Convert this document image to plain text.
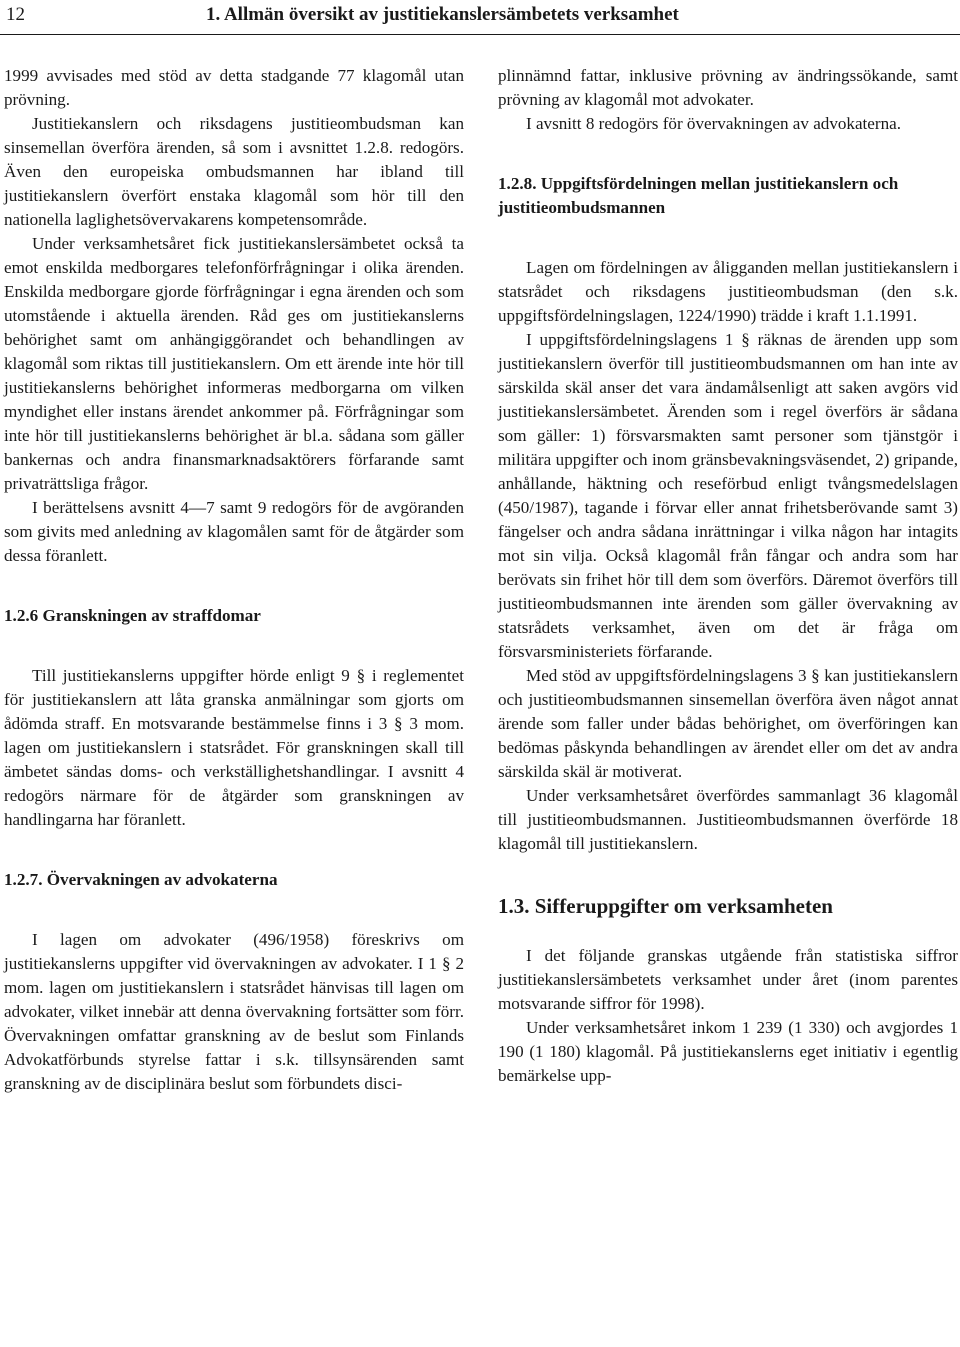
12	1. Allmän översikt av justitiekanslersämbetets verksamhet

1999 avvisades med stöd av detta stadgande 77 klagomål utan prövning.

Justitiekanslern och riksdagens justitieombudsman kan sinsemellan överföra ärenden, så som i avsnittet 1.2.8. redogörs. Även den europeiska ombudsmannen har ibland till justitiekanslern överfört enstaka klagomål som hör till den nationella laglighetsövervakarens kompetensområde.

Under verksamhetsåret fick justitiekanslersämbetet också ta emot enskilda medborgares telefonförfrågningar i olika ärenden. Enskilda medborgare gjorde förfrågningar i egna ärenden och som utomstående i aktuella ärenden. Råd ges om justitiekanslerns behörighet samt om anhängiggörandet och behandlingen av klagomål som riktas till justitiekanslern. Om ett ärende inte hör till justitiekanslerns behörighet informeras medborgarna om vilken myndighet eller instans ärendet ankommer på. Förfrågningar som inte hör till justitiekanslerns behörighet är bl.a. sådana som gäller bankernas och andra finansmarknadsaktörers förfarande samt privaträttsliga frågor.

I berättelsens avsnitt 4—7 samt 9 redogörs för de avgöranden som givits med anledning av klagomålen samt för de åtgärder som dessa föranlett.

1.2.6 Granskningen av straffdomar

Till justitiekanslerns uppgifter hörde enligt 9 § i reglementet för justitiekanslern att låta granska anmälningar som gjorts om ådömda straff. En motsvarande bestämmelse finns i 3 § 3 mom. lagen om justitiekanslern i statsrådet. För granskningen skall till ämbetet sändas doms- och verkställighetshandlingar. I avsnitt 4 redogörs närmare för de åtgärder som granskningen av handlingarna har föranlett.

1.2.7. Övervakningen av advokaterna

I lagen om advokater (496/1958) föreskrivs om justitiekanslerns uppgifter vid övervakningen av advokater. I 1 § 2 mom. lagen om justitiekanslern i statsrådet hänvisas till lagen om advokater, vilket innebär att denna övervakning fortsätter som förr. Övervakningen omfattar granskning av de beslut som Finlands Advokatförbunds styrelse fattar i s.k. tillsynsärenden samt granskning av de disciplinära beslut som förbundets disci-

plinnämnd fattar, inklusive prövning av ändringssökande, samt prövning av klagomål mot advokater.

I avsnitt 8 redogörs för övervakningen av advokaterna.

1.2.8. Uppgiftsfördelningen mellan justitiekanslern och justitieombudsmannen

Lagen om fördelningen av åligganden mellan justitiekanslern i statsrådet och riksdagens justitieombudsman (den s.k. uppgiftsfördelningslagen, 1224/1990) trädde i kraft 1.1.1991.

I uppgiftsfördelningslagens 1 § räknas de ärenden upp som justitiekanslern överför till justitieombudsmannen om han inte av särskilda skäl anser det vara ändamålsenligt att saken avgörs vid justitiekanslersämbetet. Ärenden som i regel överförs är sådana som gäller: 1) försvarsmakten samt personer som tjänstgör i militära uppgifter och inom gränsbevakningsväsendet, 2) gripande, anhållande, häktning och reseförbud enligt tvångsmedelslagen (450/1987), tagande i förvar eller annat frihetsberövande samt 3) fängelser och andra sådana inrättningar i vilka någon har intagits mot sin vilja. Också klagomål från fångar och andra som har berövats sin frihet hör till dem som överförs. Däremot överförs till justitieombudsmannen inte ärenden som gäller övervakning av statsrådets verksamhet, även om det är fråga om försvarsministeriets förfarande.

Med stöd av uppgiftsfördelningslagens 3 § kan justitiekanslern och justitieombudsmannen sinsemellan överföra även något annat ärende som faller under bådas behörighet, om överföringen kan bedömas påskynda behandlingen av ärendet eller om det av andra särskilda skäl är motiverat.

Under verksamhetsåret överfördes sammanlagt 36 klagomål till justitieombudsmannen. Justitieombudsmannen överförde 18 klagomål till justitiekanslern.

1.3. Sifferuppgifter om verksamheten

I det följande granskas utgående från statistiska siffror justitiekanslersämbetets verksamhet under året (inom parentes motsvarande siffror för 1998).

Under verksamhetsåret inkom 1 239 (1 330) och avgjordes 1 190 (1 180) klagomål. På justitiekanslerns eget initiativ i egentlig bemärkelse upp-
